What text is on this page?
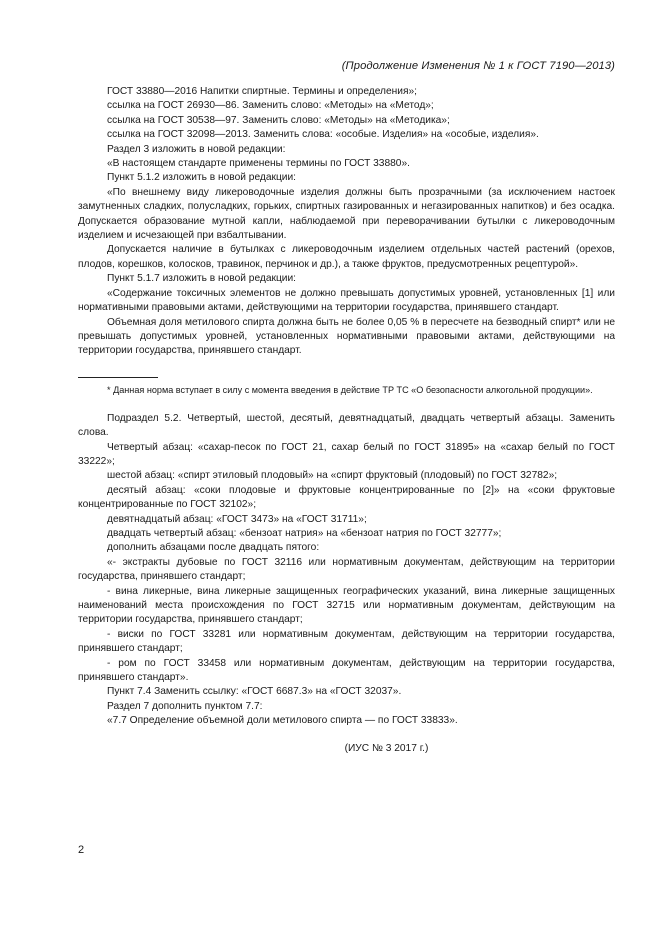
(Продолжение Изменения № 1 к ГОСТ 7190—2013)

ГОСТ 33880—2016 Напитки спиртные. Термины и определения»;

ссылка на ГОСТ 26930—86. Заменить слово: «Методы» на «Метод»;

ссылка на ГОСТ 30538—97. Заменить слово: «Методы» на «Методика»;

ссылка на ГОСТ 32098—2013. Заменить слова: «особые. Изделия» на «особые, изделия».

Раздел 3 изложить в новой редакции:

«В настоящем стандарте применены термины по ГОСТ 33880».

Пункт 5.1.2 изложить в новой редакции:

«По внешнему виду ликероводочные изделия должны быть прозрачными (за исключением настоек замутненных сладких, полусладких, горьких, спиртных газированных и негазированных напитков) и без осадка. Допускается образование мутной капли, наблюдаемой при переворачивании бутылки с ликероводочным изделием и исчезающей при взбалтывании.

Допускается наличие в бутылках с ликероводочным изделием отдельных частей растений (орехов, плодов, корешков, колосков, травинок, перчинок и др.), а также фруктов, предусмотренных рецептурой».

Пункт 5.1.7 изложить в новой редакции:

«Содержание токсичных элементов не должно превышать допустимых уровней, установленных [1] или нормативными правовыми актами, действующими на территории государства, принявшего стандарт.

Объемная доля метилового спирта должна быть не более 0,05 % в пересчете на безводный спирт* или не превышать допустимых уровней, установленных нормативными правовыми актами, действующими на территории государства, принявшего стандарт.

* Данная норма вступает в силу с момента введения в действие ТР ТС «О безопасности алкогольной продукции».

Подраздел 5.2. Четвертый, шестой, десятый, девятнадцатый, двадцать четвертый абзацы. Заменить слова.

Четвертый абзац: «сахар-песок по ГОСТ 21, сахар белый по ГОСТ 31895» на «сахар белый по ГОСТ 33222»;

шестой абзац: «спирт этиловый плодовый» на «спирт фруктовый (плодовый) по ГОСТ 32782»;

десятый абзац: «соки плодовые и фруктовые концентрированные по [2]» на «соки фруктовые концентрированные по ГОСТ 32102»;

девятнадцатый абзац: «ГОСТ 3473» на «ГОСТ 31711»;

двадцать четвертый абзац: «бензоат натрия» на «бензоат натрия по ГОСТ 32777»;

дополнить абзацами после двадцать пятого:

«- экстракты дубовые по ГОСТ 32116 или нормативным документам, действующим на территории государства, принявшего стандарт;

- вина ликерные, вина ликерные защищенных географических указаний, вина ликерные защищенных наименований места происхождения по ГОСТ 32715 или нормативным документам, действующим на территории государства, принявшего стандарт;

- виски по ГОСТ 33281 или нормативным документам, действующим на территории государства, принявшего стандарт;

- ром по ГОСТ 33458 или нормативным документам, действующим на территории государства, принявшего стандарт».

Пункт 7.4 Заменить ссылку: «ГОСТ 6687.3» на «ГОСТ 32037».

Раздел 7 дополнить пунктом 7.7:

«7.7 Определение объемной доли метилового спирта — по ГОСТ 33833».

(ИУС № 3 2017 г.)
2
